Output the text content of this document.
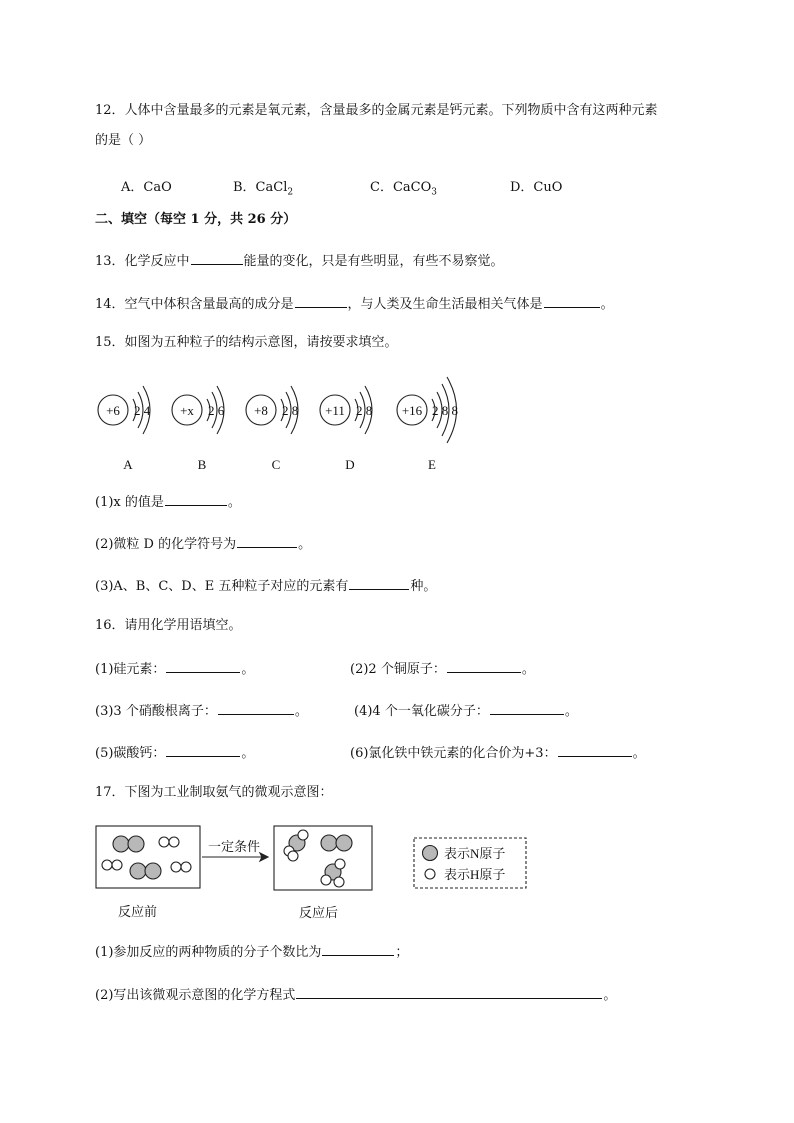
12．人体中含量最多的元素是氧元素，含量最多的金属元素是钙元素。下列物质中含有这两种元素
的是（ ）
A．CaO	B．CaCl$_2$	C．CaCO$_3$	D．CuO
二、填空（每空 1 分，共 26 分）
13．化学反应中	能量的变化，只是有些明显，有些不易察觉。
14．空气中体积含量最高的成分是	，与人类及生命生活最相关气体是	。
15．如图为五种粒子的结构示意图，请按要求填空。
+6 2 4
A
+x 2 6
B
+8 2 8
C
+11 2 8
D
+16 2 8 8
E
(1)x 的值是	。
(2)微粒 D 的化学符号为	。
(3)A、B、C、D、E 五种粒子对应的元素有	种。
16．请用化学用语填空。
(1)硅元素：	。	(2)2 个铜原子：	。
(3)3 个硝酸根离子：	。	(4)4 个一氧化碳分子：	。
(5)碳酸钙：	。	(6)氯化铁中铁元素的化合价为+3：	。
17．下图为工业制取氨气的微观示意图：
一定条件	表示N原子
表示H原子
反应前	反应后
(1)参加反应的两种物质的分子个数比为	；
(2)写出该微观示意图的化学方程式	。
